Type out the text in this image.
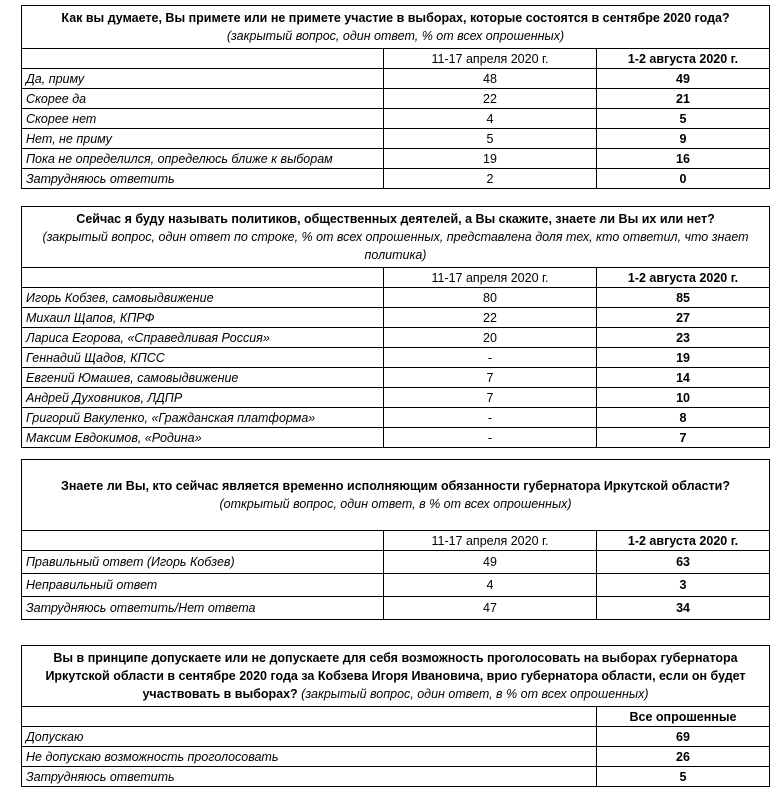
Как вы думаете, Вы примете или не примете участие в выборах, которые состоятся в сентябре 2020 года?
(закрытый вопрос, один ответ, % от всех опрошенных)		

	11-17 апреля 2020 г.	1-2 августа 2020 г.
Да, приму	48	49
Скорее да	22	21
Скорее нет	4	5
Нет, не приму	5	9
Пока не определился, определюсь ближе к выборам	19	16
Затрудняюсь ответить	2	0
Сейчас я буду называть политиков, общественных деятелей, а Вы скажите, знаете ли Вы их или нет?
(закрытый вопрос, один ответ по строке, % от всех опрошенных, представлена доля тех, кто ответил, что знает политика)		

	11-17 апреля 2020 г.	1-2 августа 2020 г.
Игорь Кобзев, самовыдвижение	80	85
Михаил Щапов, КПРФ	22	27
Лариса Егорова, «Справедливая Россия»	20	23
Геннадий Щадов, КПСС	-	19
Евгений Юмашев, самовыдвижение	7	14
Андрей Духовников, ЛДПР	7	10
Григорий Вакуленко, «Гражданская платформа»	-	8
Максим Евдокимов, «Родина»	-	7
Знаете ли Вы, кто сейчас является временно исполняющим обязанности губернатора Иркутской области?
(открытый вопрос, один ответ, в % от всех опрошенных)		

	11-17 апреля 2020 г.	1-2 августа 2020 г.
Правильный ответ (Игорь Кобзев)	49	63
Неправильный ответ	4	3
Затрудняюсь ответить/Нет ответа	47	34
Вы в принципе допускаете или не допускаете для себя возможность проголосовать на выборах губернатора Иркутской области в сентябре 2020 года за Кобзева Игоря Ивановича, врио губернатора области, если он будет участвовать в выборах? (закрытый вопрос, один ответ, в % от всех опрошенных)	
	Все опрошенные
Допускаю	69
Не допускаю возможность проголосовать	26
Затрудняюсь ответить	5
